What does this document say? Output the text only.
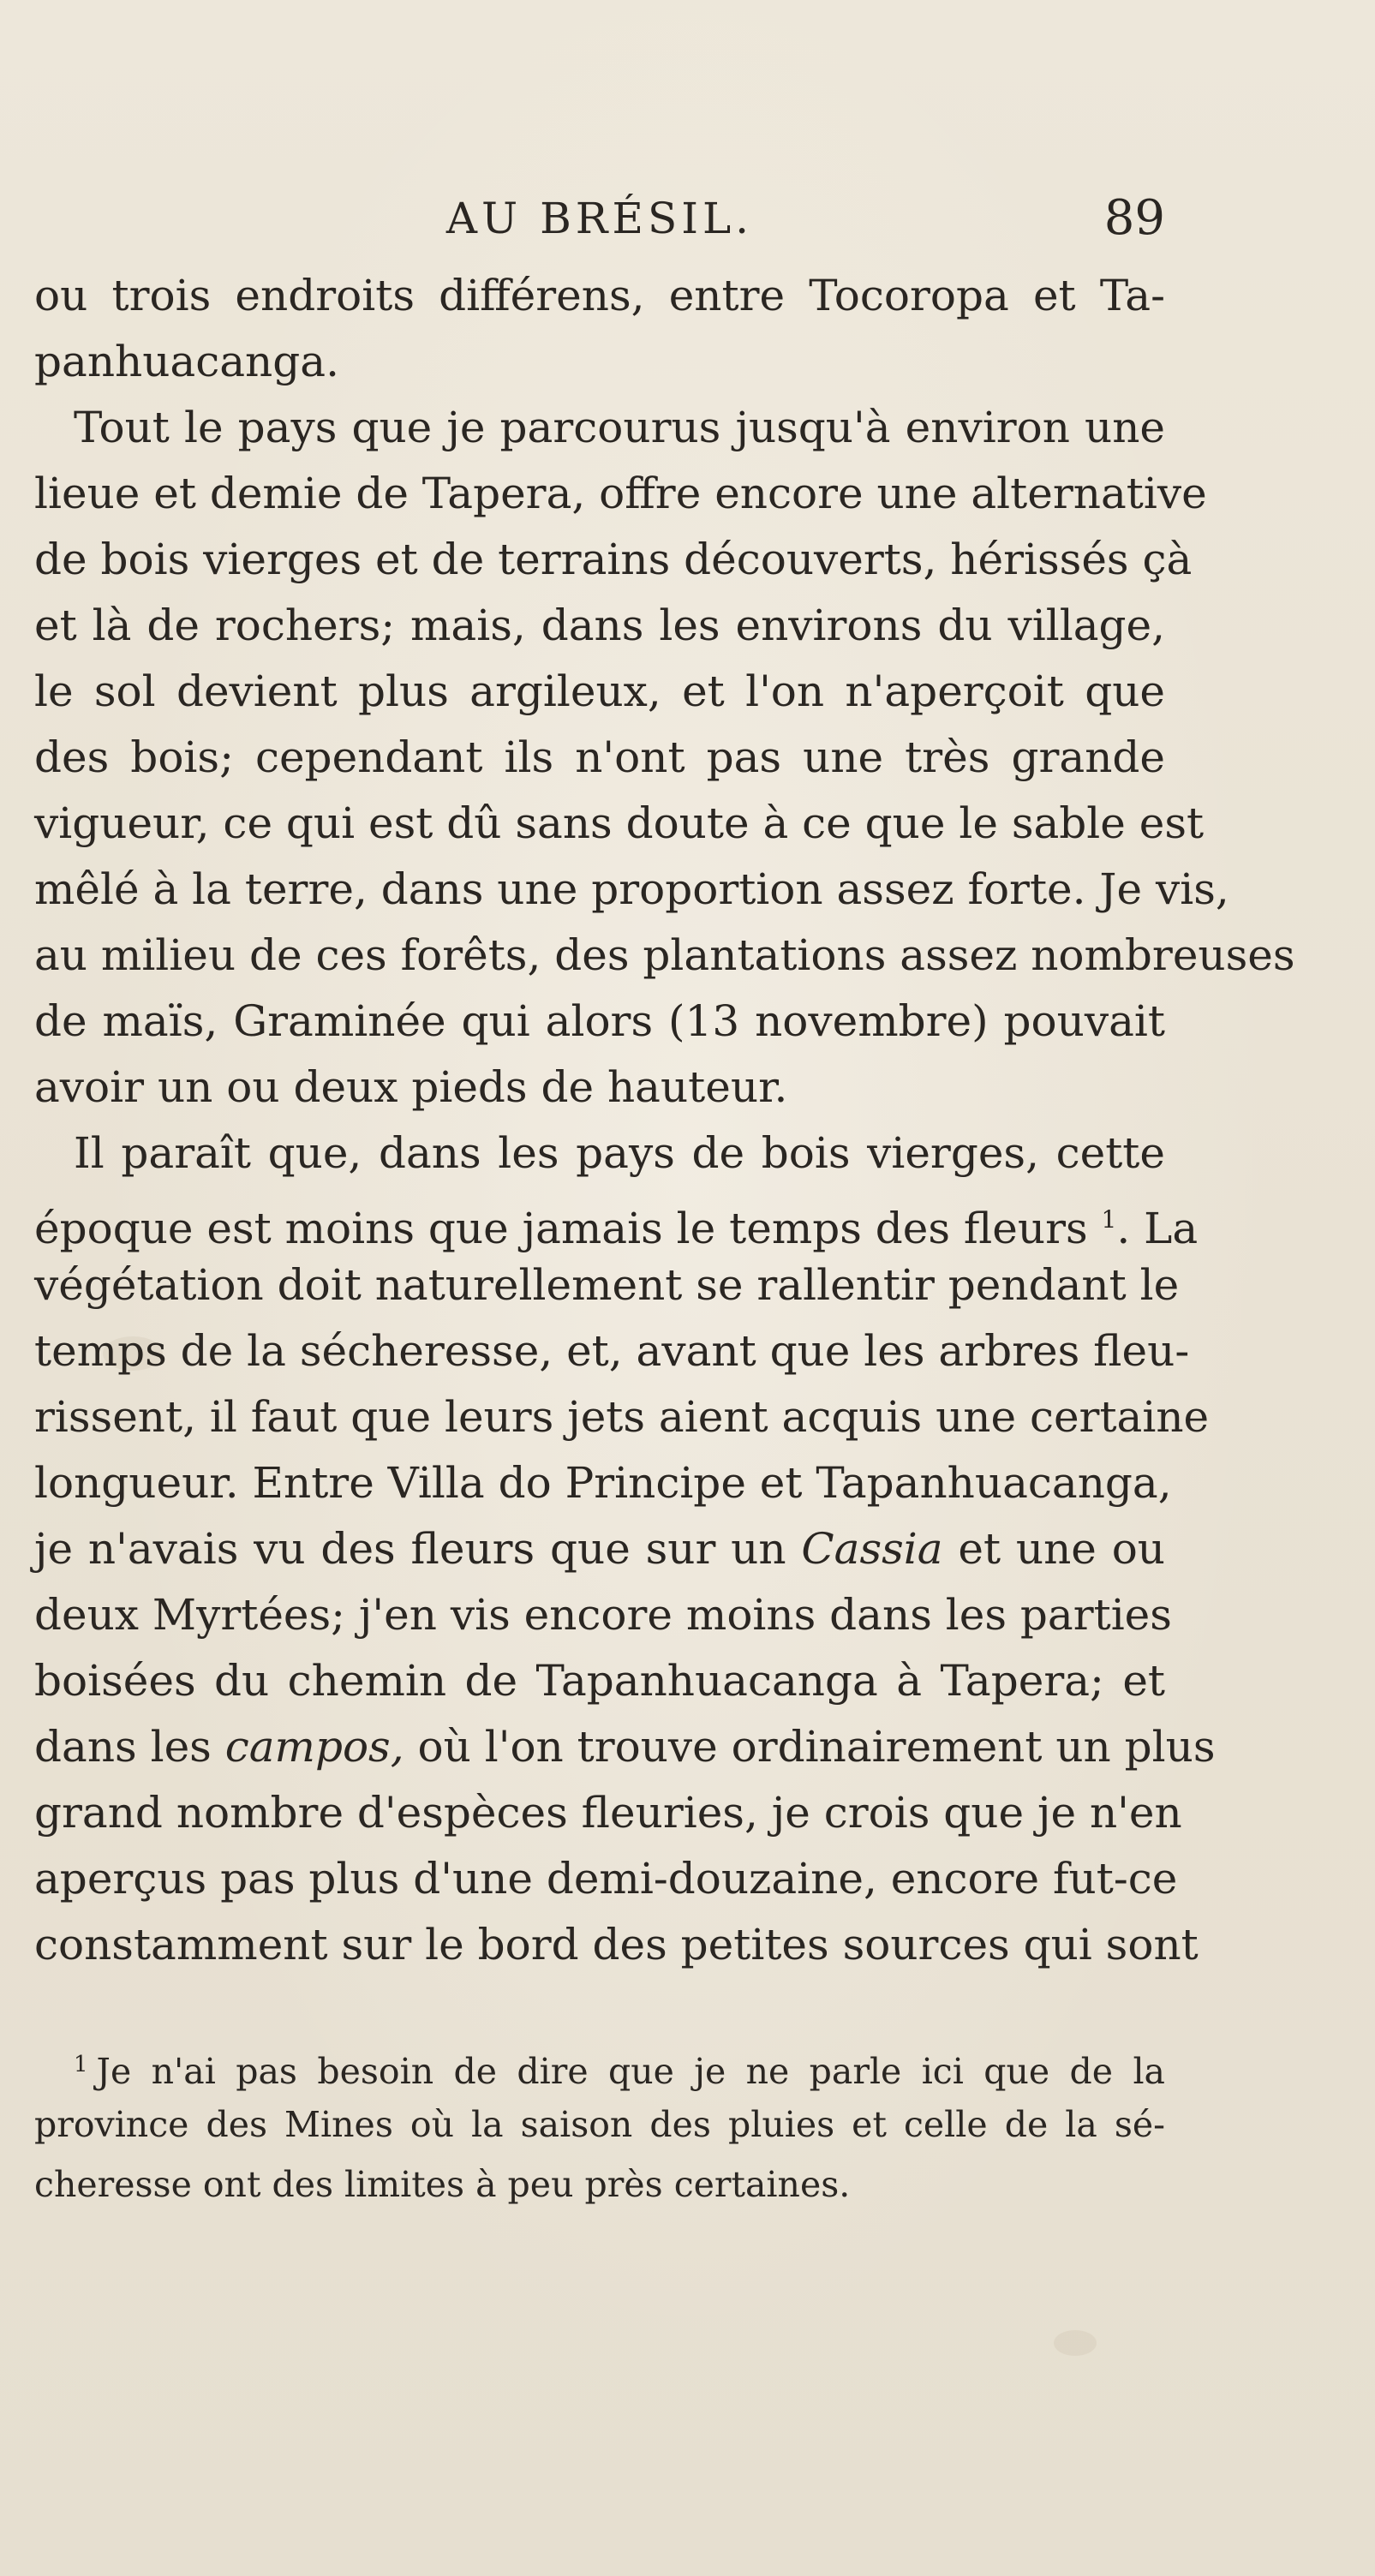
AU BRÉSIL.	89
ou trois endroits différens, entre Tocoropa et Ta-
panhuacanga.
Tout le pays que je parcourus jusqu'à environ une
lieue et demie de Tapera, offre encore une alternative
de bois vierges et de terrains découverts, hérissés çà
et là de rochers; mais, dans les environs du village,
le sol devient plus argileux, et l'on n'aperçoit que
des bois; cependant ils n'ont pas une très grande
vigueur, ce qui est dû sans doute à ce que le sable est
mêlé à la terre, dans une proportion assez forte. Je vis,
au milieu de ces forêts, des plantations assez nombreuses
de maïs, Graminée qui alors (13 novembre) pouvait
avoir un ou deux pieds de hauteur.
Il paraît que, dans les pays de bois vierges, cette
époque est moins que jamais le temps des fleurs $^1$. La
végétation doit naturellement se rallentir pendant le
temps de la sécheresse, et, avant que les arbres fleu-
rissent, il faut que leurs jets aient acquis une certaine
longueur. Entre Villa do Principe et Tapanhuacanga,
je n'avais vu des fleurs que sur un Cassia et une ou
deux Myrtées; j'en vis encore moins dans les parties
boisées du chemin de Tapanhuacanga à Tapera; et
dans les campos, où l'on trouve ordinairement un plus
grand nombre d'espèces fleuries, je crois que je n'en
aperçus pas plus d'une demi-douzaine, encore fut-ce
constamment sur le bord des petites sources qui sont
$^1$ Je n'ai pas besoin de dire que je ne parle ici que de la
province des Mines où la saison des pluies et celle de la sé-
cheresse ont des limites à peu près certaines.
